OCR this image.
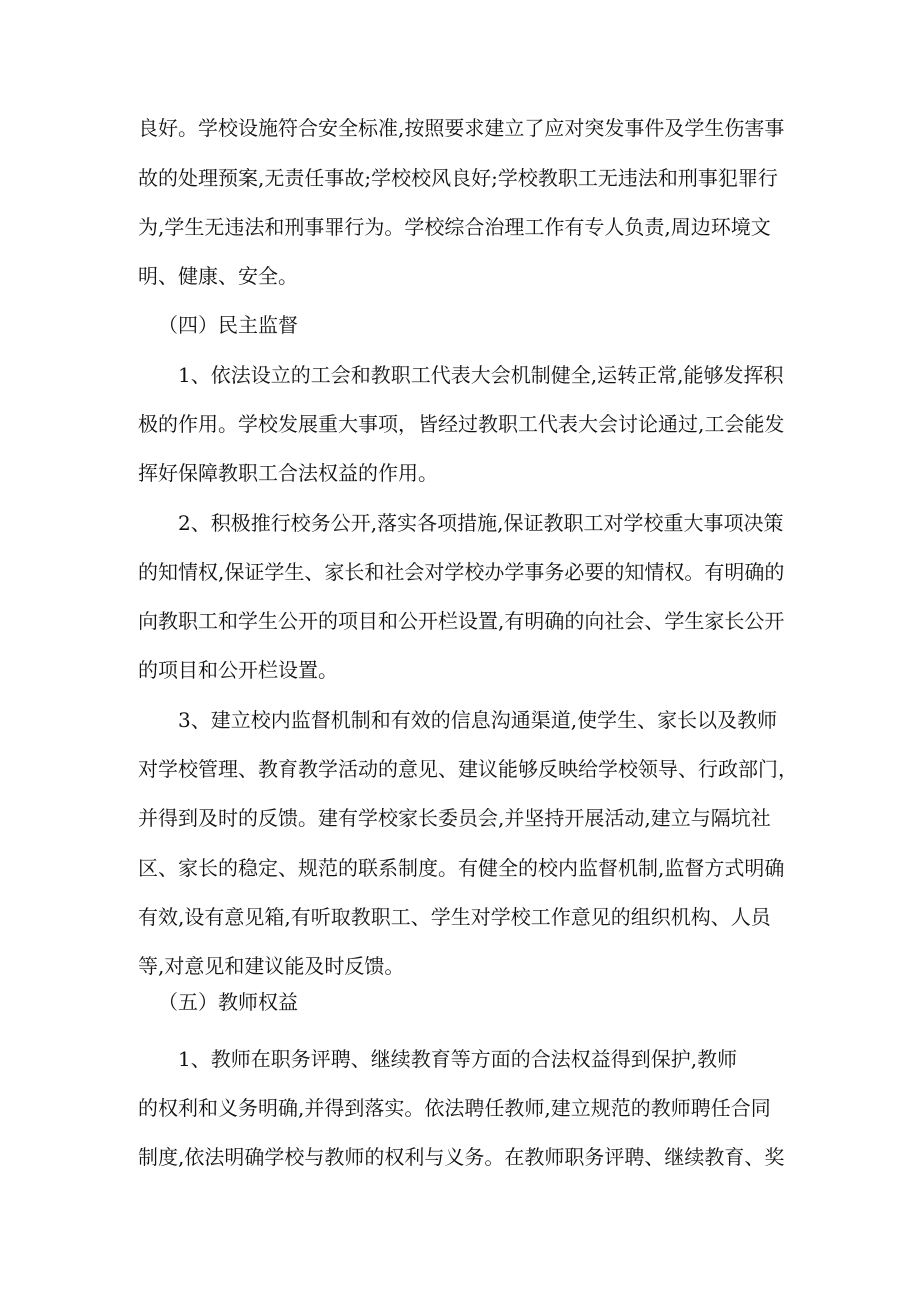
良好。学校设施符合安全标准,按照要求建立了应对突发事件及学生伤害事
故的处理预案,无责任事故;学校校风良好;学校教职工无违法和刑事犯罪行
为,学生无违法和刑事罪行为。学校综合治理工作有专人负责,周边环境文
明、健康、安全。
（四）民主监督
1、依法设立的工会和教职工代表大会机制健全,运转正常,能够发挥积
极的作用。学校发展重大事项，皆经过教职工代表大会讨论通过,工会能发
挥好保障教职工合法权益的作用。
2、积极推行校务公开,落实各项措施,保证教职工对学校重大事项决策
的知情权,保证学生、家长和社会对学校办学事务必要的知情权。有明确的
向教职工和学生公开的项目和公开栏设置,有明确的向社会、学生家长公开
的项目和公开栏设置。
3、建立校内监督机制和有效的信息沟通渠道,使学生、家长以及教师
对学校管理、教育教学活动的意见、建议能够反映给学校领导、行政部门，
并得到及时的反馈。建有学校家长委员会,并坚持开展活动,建立与隔坑社
区、家长的稳定、规范的联系制度。有健全的校内监督机制,监督方式明确
有效,设有意见箱,有听取教职工、学生对学校工作意见的组织机构、人员
等,对意见和建议能及时反馈。
（五）教师权益
1、教师在职务评聘、继续教育等方面的合法权益得到保护,教师
的权利和义务明确,并得到落实。依法聘任教师,建立规范的教师聘任合同
制度,依法明确学校与教师的权利与义务。在教师职务评聘、继续教育、奖
